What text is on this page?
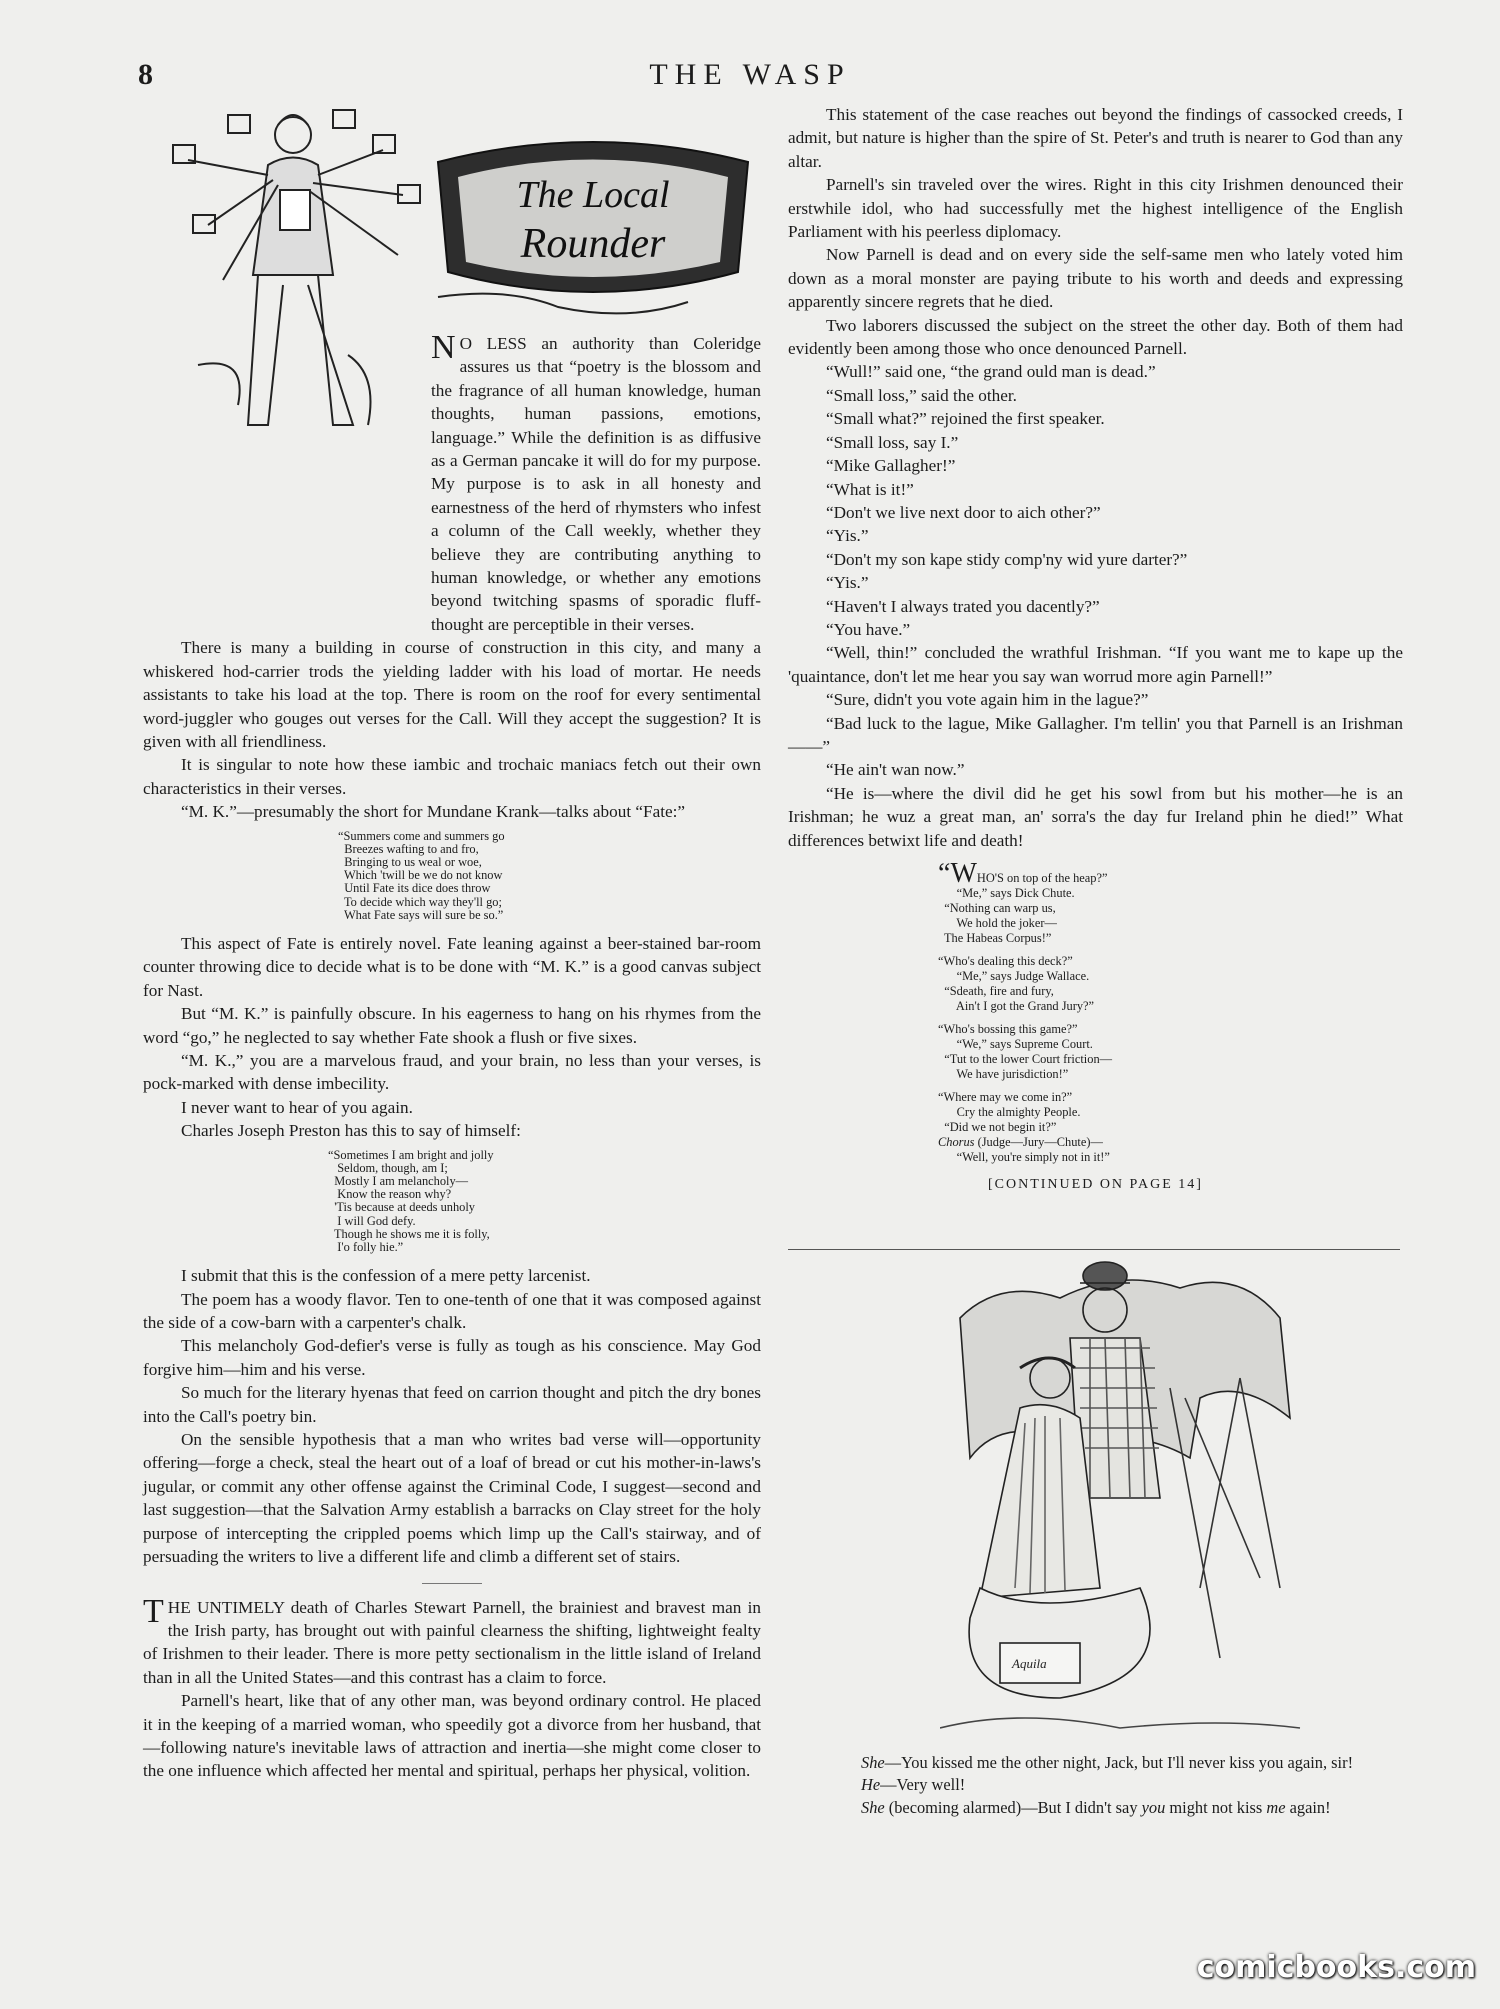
8	THE WASP
The Local
Rounder

N O LESS an authority than Coleridge assures us that “poetry is the blossom and the fragrance of all human knowledge, human thoughts, human passions, emotions, language.” While the definition is as diffusive as a German pancake it will do for my purpose. My purpose is to ask in all honesty and earnestness of the herd of rhymsters who infest a column of the Call weekly, whether they believe they are contributing anything to human knowledge, or whether any emotions beyond twitching spasms of sporadic fluff-thought are perceptible in their verses.

There is many a building in course of construction in this city, and many a whiskered hod-carrier trods the yielding ladder with his load of mortar. He needs assistants to take his load at the top. There is room on the roof for every sentimental word-juggler who gouges out verses for the Call. Will they accept the suggestion? It is given with all friendliness.

It is singular to note how these iambic and trochaic maniacs fetch out their own characteristics in their verses.

“M. K.”—presumably the short for Mundane Krank—talks about “Fate:”

“Summers come and summers go
Breezes wafting to and fro,
Bringing to us weal or woe,
Which 'twill be we do not know
Until Fate its dice does throw
To decide which way they'll go;
What Fate says will sure be so.”

This aspect of Fate is entirely novel. Fate leaning against a beer-stained bar-room counter throwing dice to decide what is to be done with “M. K.” is a good canvas subject for Nast.

But “M. K.” is painfully obscure. In his eagerness to hang on his rhymes from the word “go,” he neglected to say whether Fate shook a flush or five sixes.

“M. K.,” you are a marvelous fraud, and your brain, no less than your verses, is pock-marked with dense imbecility.

I never want to hear of you again.

Charles Joseph Preston has this to say of himself:

“Sometimes I am bright and jolly
Seldom, though, am I;
Mostly I am melancholy—
Know the reason why?
'Tis because at deeds unholy
I will God defy.
Though he shows me it is folly,
I'o folly hie.”

I submit that this is the confession of a mere petty larcenist.

The poem has a woody flavor. Ten to one-tenth of one that it was composed against the side of a cow-barn with a carpenter's chalk.

This melancholy God-defier's verse is fully as tough as his conscience. May God forgive him—him and his verse.

So much for the literary hyenas that feed on carrion thought and pitch the dry bones into the Call's poetry bin.

On the sensible hypothesis that a man who writes bad verse will—opportunity offering—forge a check, steal the heart out of a loaf of bread or cut his mother-in-laws's jugular, or commit any other offense against the Criminal Code, I suggest—second and last suggestion—that the Salvation Army establish a barracks on Clay street for the holy purpose of intercepting the crippled poems which limp up the Call's stairway, and of persuading the writers to live a different life and climb a different set of stairs.

THE UNTIMELY death of Charles Stewart Parnell, the brainiest and bravest man in the Irish party, has brought out with painful clearness the shifting, lightweight fealty of Irishmen to their leader. There is more petty sectionalism in the little island of Ireland than in all the United States—and this contrast has a claim to force.

Parnell's heart, like that of any other man, was beyond ordinary control. He placed it in the keeping of a married woman, who speedily got a divorce from her husband, that—following nature's inevitable laws of attraction and inertia—she might come closer to the one influence which affected her mental and spiritual, perhaps her physical, volition.

This statement of the case reaches out beyond the findings of cassocked creeds, I admit, but nature is higher than the spire of St. Peter's and truth is nearer to God than any altar.

Parnell's sin traveled over the wires. Right in this city Irishmen denounced their erstwhile idol, who had successfully met the highest intelligence of the English Parliament with his peerless diplomacy.

Now Parnell is dead and on every side the self-same men who lately voted him down as a moral monster are paying tribute to his worth and deeds and expressing apparently sincere regrets that he died.

Two laborers discussed the subject on the street the other day. Both of them had evidently been among those who once denounced Parnell.

“Wull!” said one, “the grand ould man is dead.”

“Small loss,” said the other.

“Small what?” rejoined the first speaker.

“Small loss, say I.”

“Mike Gallagher!”

“What is it!”

“Don't we live next door to aich other?”

“Yis.”

“Don't my son kape stidy comp'ny wid yure darter?”

“Yis.”

“Haven't I always trated you dacently?”

“You have.”

“Well, thin!” concluded the wrathful Irishman. “If you want me to kape up the 'quaintance, don't let me hear you say wan worrud more agin Parnell!”

“Sure, didn't you vote again him in the lague?”

“Bad luck to the lague, Mike Gallagher. I'm tellin' you that Parnell is an Irishman——”

“He ain't wan now.”

“He is—where the divil did he get his sowl from but his mother—he is an Irishman; he wuz a great man, an' sorra's the day fur Ireland phin he died!” What differences betwixt life and death!

“WHO'S on top of the heap?”
“Me,” says Dick Chute.
“Nothing can warp us,
We hold the joker—
The Habeas Corpus!”
“Who's dealing this deck?”
“Me,” says Judge Wallace.
“Sdeath, fire and fury,
Ain't I got the Grand Jury?”
“Who's bossing this game?”
“We,” says Supreme Court.
“Tut to the lower Court friction—
We have jurisdiction!”
“Where may we come in?”
Cry the almighty People.
“Did we not begin it?”
Chorus (Judge—Jury—Chute)—
“Well, you're simply not in it!”
[CONTINUED ON PAGE 14]
Aquila

She—You kissed me the other night, Jack, but I'll never kiss you again, sir!

He—Very well!

She (becoming alarmed)—But I didn't say you might not kiss me again!

comicbooks.com
